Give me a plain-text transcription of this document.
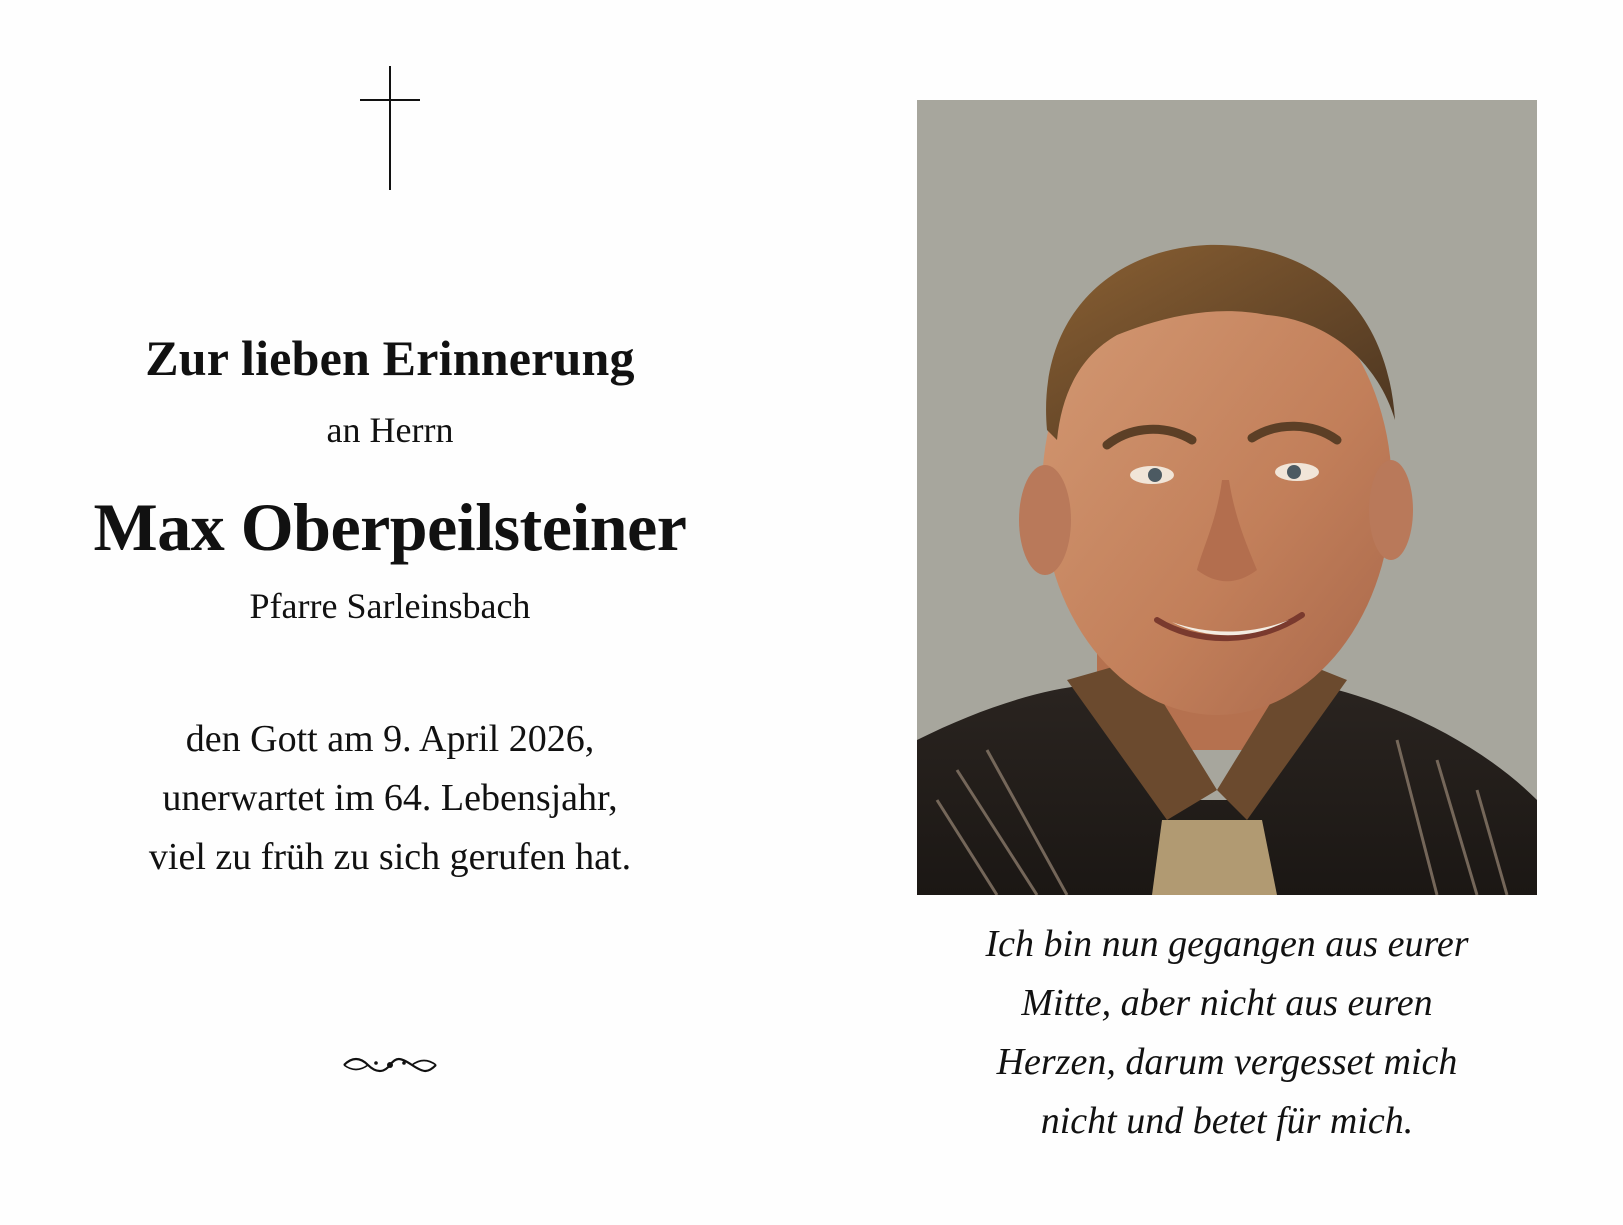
Zur lieben Erinnerung
an Herrn
Max Oberpeilsteiner
Pfarre Sarleinsbach
den Gott am 9. April 2026,
unerwartet im 64. Lebensjahr,
viel zu früh zu sich gerufen hat.
Ich bin nun gegangen aus eurer
Mitte, aber nicht aus euren
Herzen, darum vergesset mich
nicht und betet für mich.
